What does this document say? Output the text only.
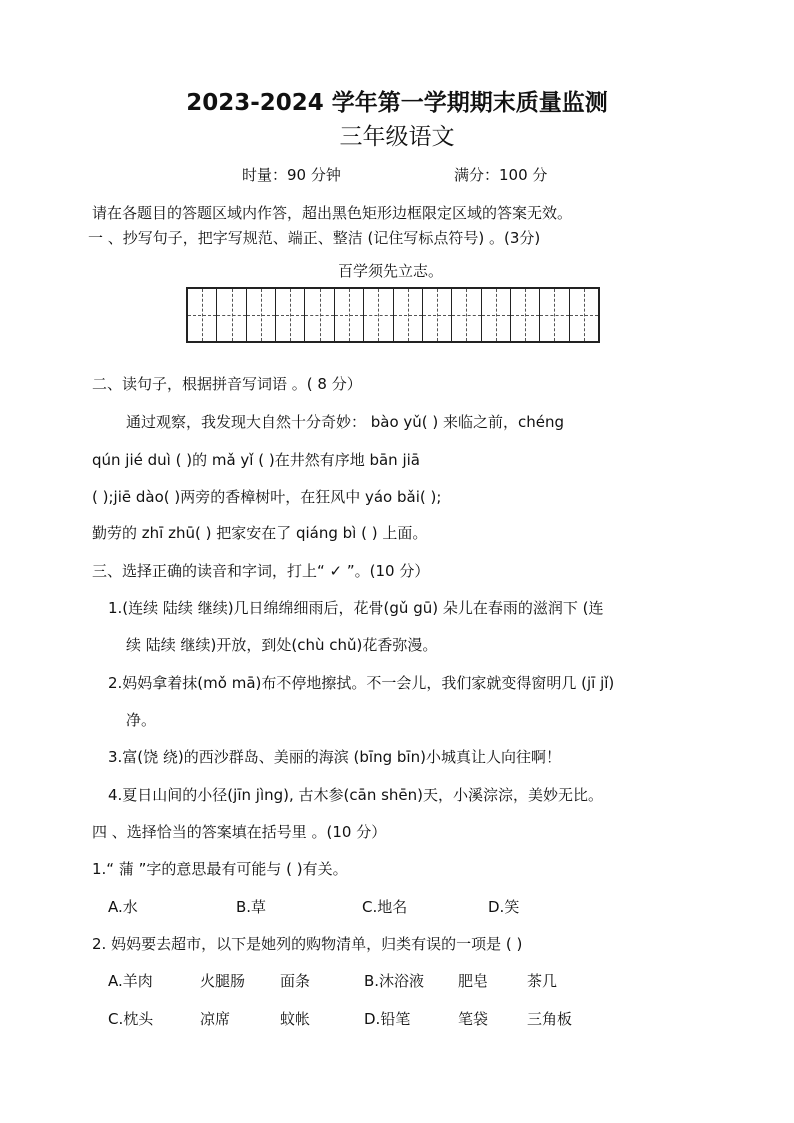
2023-2024 学年第一学期期末质量监测
三年级语文
时量：90 分钟	满分：100 分
请在各题目的答题区域内作答，超出黑色矩形边框限定区域的答案无效。
一 、抄写句子，把字写规范、端正、整洁 (记住写标点符号) 。(3分)
百学须先立志。
二、读句子，根据拼音写词语 。( 8 分）
通过观察，我发现大自然十分奇妙： bào yǔ( ) 来临之前，chéng
qún jié duì ( )的 mǎ yǐ ( )在井然有序地 bān jiā
( );jiē dào( )两旁的香樟树叶，在狂风中 yáo bǎi( );
勤劳的 zhī zhū( ) 把家安在了 qiáng bì ( ) 上面。
三、选择正确的读音和字词，打上“ ✓ ”。(10 分）
1.(连续 陆续 继续)几日绵绵细雨后，花骨(gǔ gū) 朵儿在春雨的滋润下 (连
续 陆续 继续)开放，到处(chù chǔ)花香弥漫。
2.妈妈拿着抹(mǒ mā)布不停地擦拭。不一会儿，我们家就变得窗明几 (jī jǐ)
净。
3.富(饶 绕)的西沙群岛、美丽的海滨 (bīng bīn)小城真让人向往啊！
4.夏日山间的小径(jīn jìng), 古木参(cān shēn)天，小溪淙淙，美妙无比。
四 、选择恰当的答案填在括号里 。(10 分）
1.“ 蒲 ”字的意思最有可能与 ( )有关。
A.水	B.草	C.地名	D.笑
2. 妈妈要去超市，以下是她列的购物清单，归类有误的一项是 ( )
A.羊肉	火腿肠 面条	B.沐浴液 肥皂	茶几
C.枕头	凉席	蚊帐	D.铅笔	笔袋	三角板
